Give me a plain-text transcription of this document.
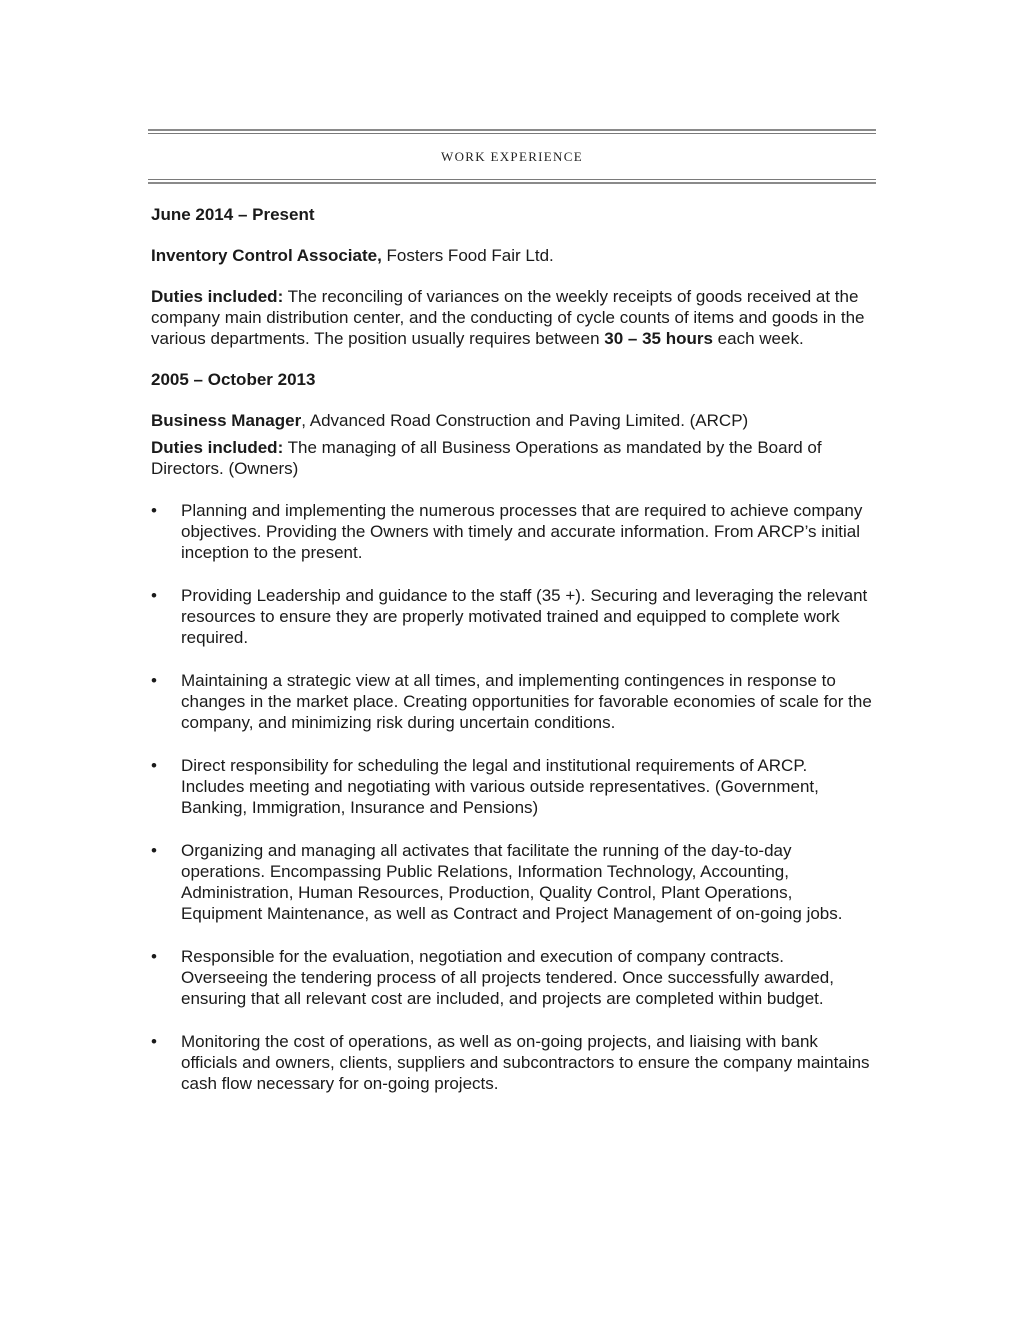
WORK EXPERIENCE

June 2014 – Present

Inventory Control Associate, Fosters Food Fair Ltd.

Duties included: The reconciling of variances on the weekly receipts of goods received at the company main distribution center, and the conducting of cycle counts of items and goods in the various departments. The position usually requires between 30 – 35 hours each week.

2005 – October 2013

Business Manager, Advanced Road Construction and Paving Limited. (ARCP)

Duties included: The managing of all Business Operations as mandated by the Board of Directors. (Owners)

• Planning and implementing the numerous processes that are required to achieve company objectives. Providing the Owners with timely and accurate information. From ARCP’s initial inception to the present.
• Providing Leadership and guidance to the staff (35 +). Securing and leveraging the relevant resources to ensure they are properly motivated trained and equipped to complete work required.
• Maintaining a strategic view at all times, and implementing contingences in response to changes in the market place. Creating opportunities for favorable economies of scale for the company, and minimizing risk during uncertain conditions.
• Direct responsibility for scheduling the legal and institutional requirements of ARCP. Includes meeting and negotiating with various outside representatives. (Government, Banking, Immigration, Insurance and Pensions)
• Organizing and managing all activates that facilitate the running of the day-to-day operations. Encompassing Public Relations, Information Technology, Accounting, Administration, Human Resources, Production, Quality Control, Plant Operations, Equipment Maintenance, as well as Contract and Project Management of on-going jobs.
• Responsible for the evaluation, negotiation and execution of company contracts. Overseeing the tendering process of all projects tendered. Once successfully awarded, ensuring that all relevant cost are included, and projects are completed within budget.
• Monitoring the cost of operations, as well as on-going projects, and liaising with bank officials and owners, clients, suppliers and subcontractors to ensure the company maintains cash flow necessary for on-going projects.
